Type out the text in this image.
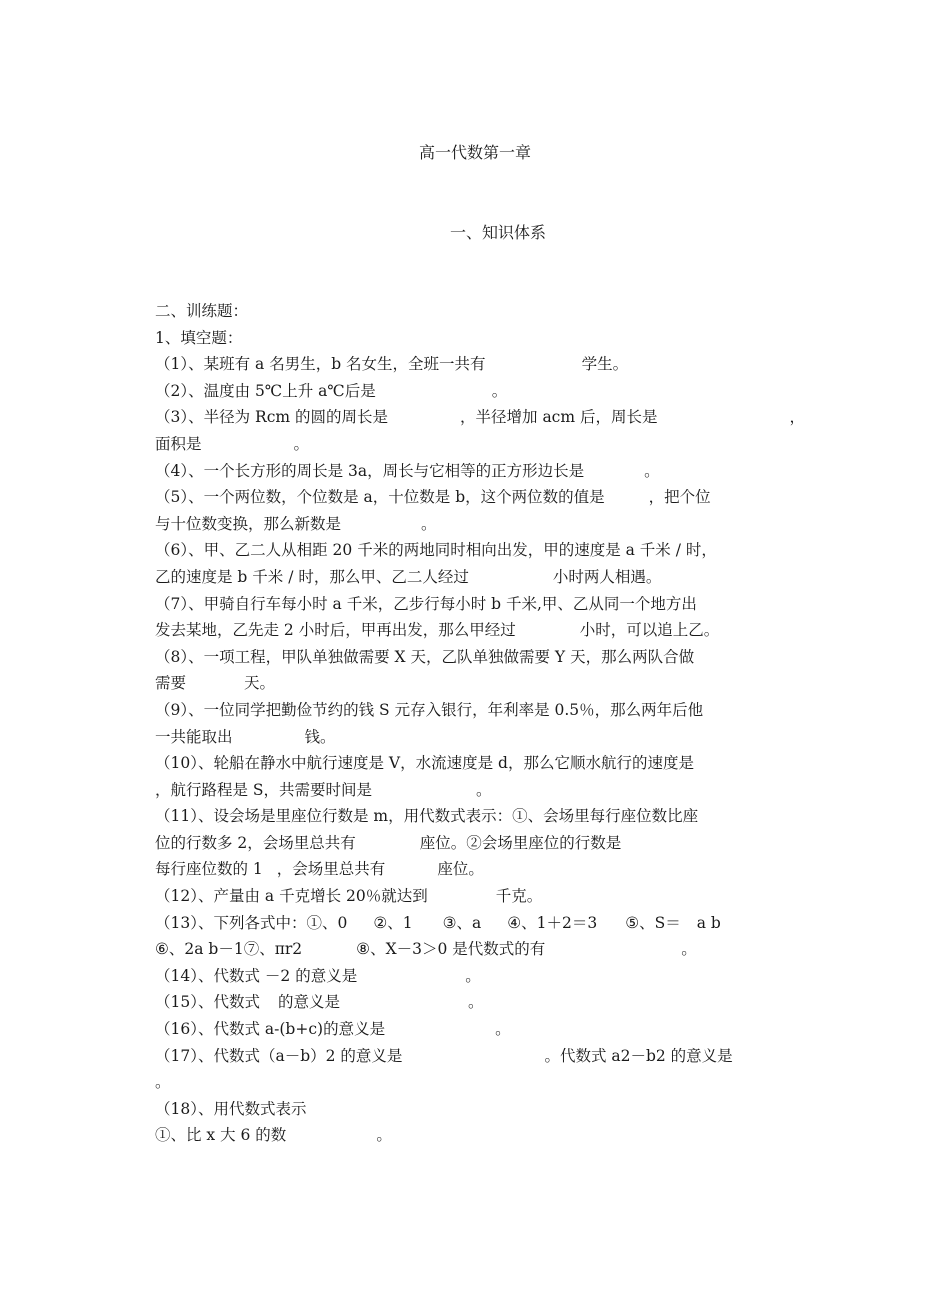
高一代数第一章
一、知识体系
二、训练题：
1、填空题：
（1）、某班有 a 名男生，b 名女生，全班一共有	学生。
（2）、温度由 5℃上升 a℃后是	。
（3）、半径为 Rcm 的圆的周长是	，半径增加 acm 后，周长是	，
面积是	。
（4）、一个长方形的周长是 3a，周长与它相等的正方形边长是	。
（5）、一个两位数，个位数是 a，十位数是 b，这个两位数的值是	，把个位
与十位数变换，那么新数是	。
（6）、甲、乙二人从相距 20 千米的两地同时相向出发，甲的速度是 a 千米 / 时，
乙的速度是 b 千米 / 时，那么甲、乙二人经过	小时两人相遇。
（7）、甲骑自行车每小时 a 千米，乙步行每小时 b 千米,甲、乙从同一个地方出
发去某地，乙先走 2 小时后，甲再出发，那么甲经过	小时，可以追上乙。
（8）、一项工程，甲队单独做需要 X 天，乙队单独做需要 Y 天，那么两队合做
需要	天。
（9）、一位同学把勤俭节约的钱 S 元存入银行，年利率是 0.5％，那么两年后他
一共能取出	钱。
（10）、轮船在静水中航行速度是 V，水流速度是 d，那么它顺水航行的速度是
，航行路程是 S，共需要时间是	。
（11）、设会场是里座位行数是 m，用代数式表示：①、会场里每行座位数比座
位的行数多 2，会场里总共有	座位。②会场里座位的行数是
每行座位数的 1 ，会场里总共有	座位。
（12）、产量由 a 千克增长 20％就达到	千克。
（13）、下列各式中：①、0 ②、1 ③、a ④、1＋2＝3 ⑤、S＝ a b
⑥、2a b－1⑦、πr2	⑧、X－3＞0 是代数式的有	。
（14）、代数式 －2 的意义是	。
（15）、代数式 的意义是	。
（16）、代数式 a-(b+c)的意义是	。
（17）、代数式（a－b）2 的意义是	。代数式 a2－b2 的意义是
。
（18）、用代数式表示
①、比 x 大 6 的数	。
